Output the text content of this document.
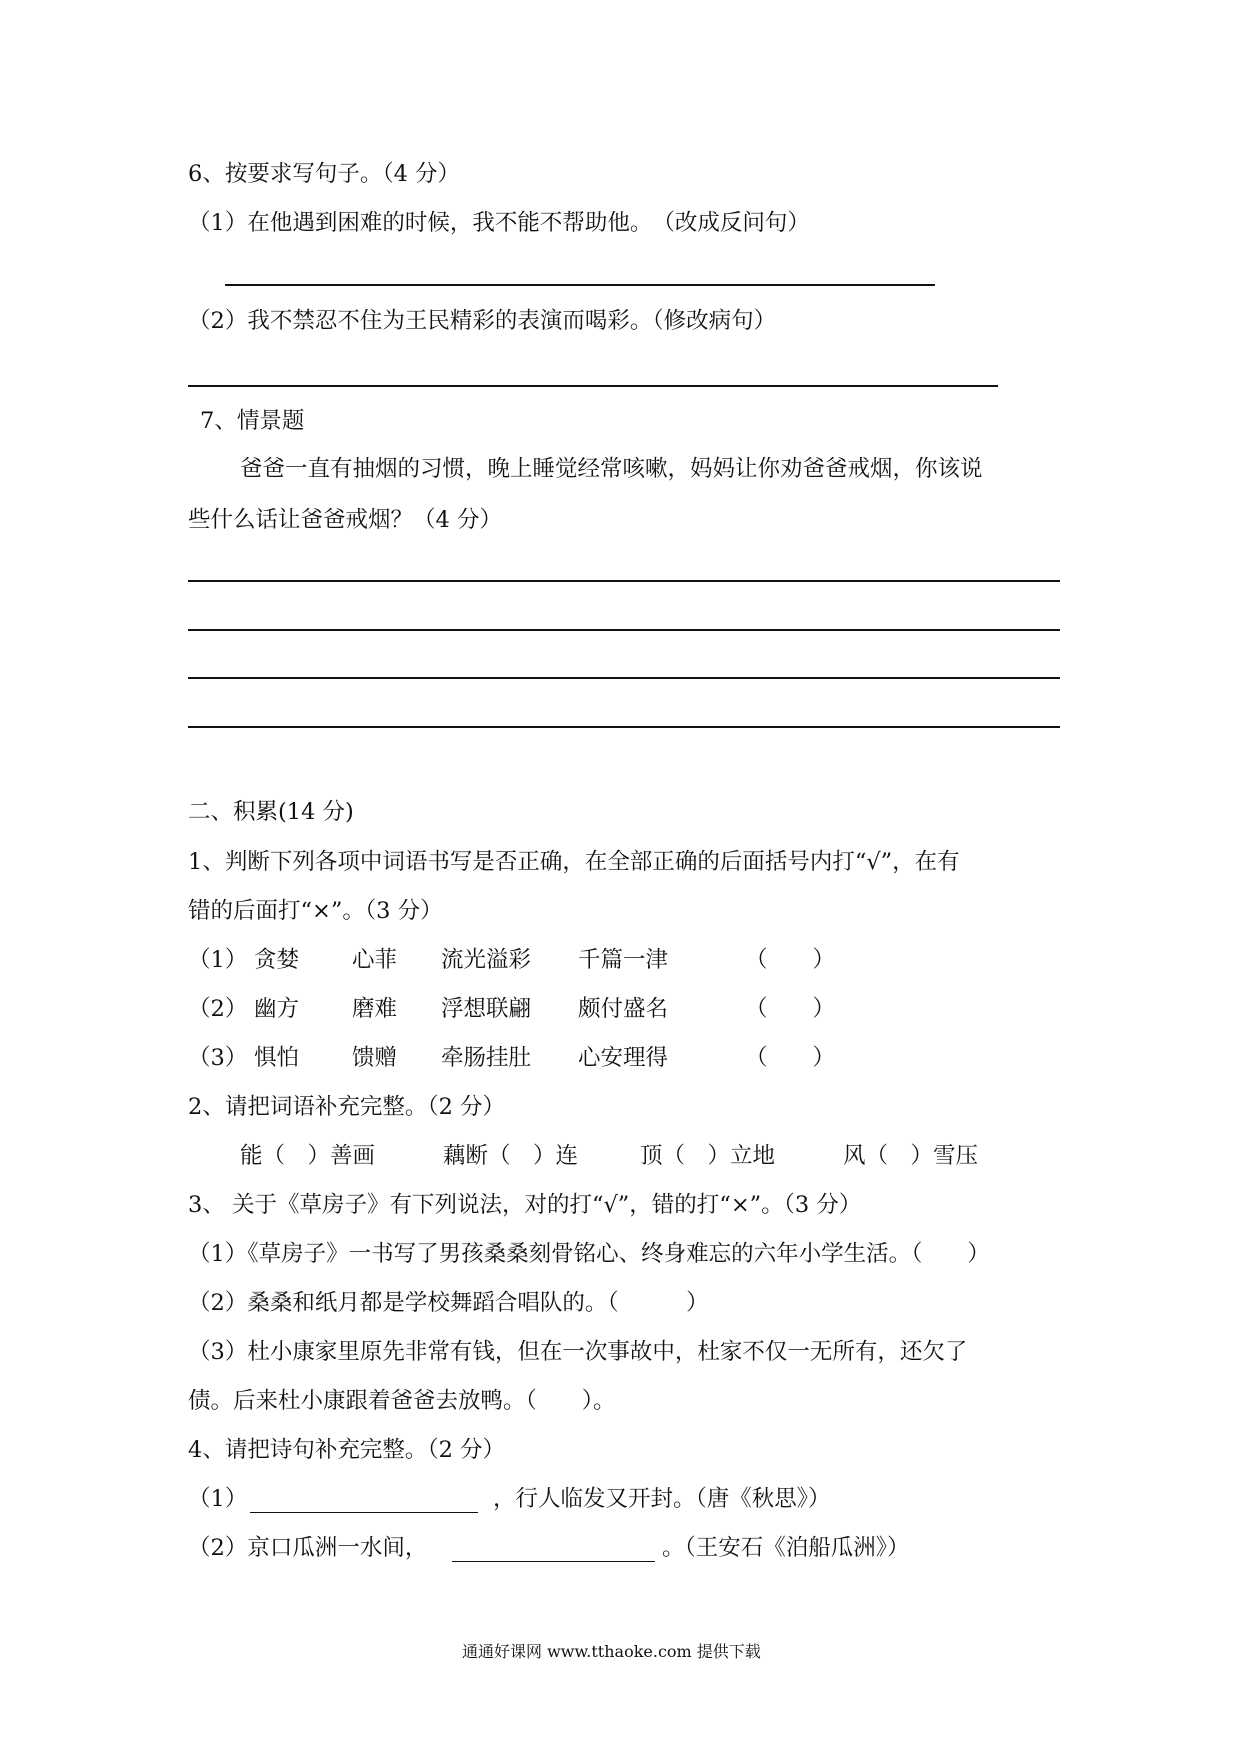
6、按要求写句子。（4 分）
（1）在他遇到困难的时候，我不能不帮助他。　（改成反问句）
（2）我不禁忍不住为王民精彩的表演而喝彩。（修改病句）
7、情景题
爸爸一直有抽烟的习惯，晚上睡觉经常咳嗽，妈妈让你劝爸爸戒烟，你该说
些什么话让爸爸戒烟？（4 分）
二、积累(14 分)
1、判断下列各项中词语书写是否正确，在全部正确的后面括号内打“√”，在有
错的后面打“×”。（3 分）
（1） 贪婪 心菲 流光溢彩 千篇一津	（　　）
（2） 幽方 磨难 浮想联翩 颇付盛名	（　　）
（3） 惧怕 馈赠 牵肠挂肚 心安理得	（　　）
2、请把词语补充完整。（2 分）
能（　）善画	藕断（　）连	顶（　）立地	风（　）雪压
3、 关于《草房子》有下列说法，对的打“√”，错的打“×”。（3 分）
（1）《草房子》一书写了男孩桑桑刻骨铭心、终身难忘的六年小学生活。（　　）
（2）桑桑和纸月都是学校舞蹈合唱队的。（　　　）
（3）杜小康家里原先非常有钱，但在一次事故中，杜家不仅一无所有，还欠了
债。后来杜小康跟着爸爸去放鸭。（　　）。
4、请把诗句补充完整。（2 分）
（1）	，行人临发又开封。（唐《秋思》）
（2）京口瓜洲一水间，	。（王安石《泊船瓜洲》）
通通好课网 www.tthaoke.com 提供下载
